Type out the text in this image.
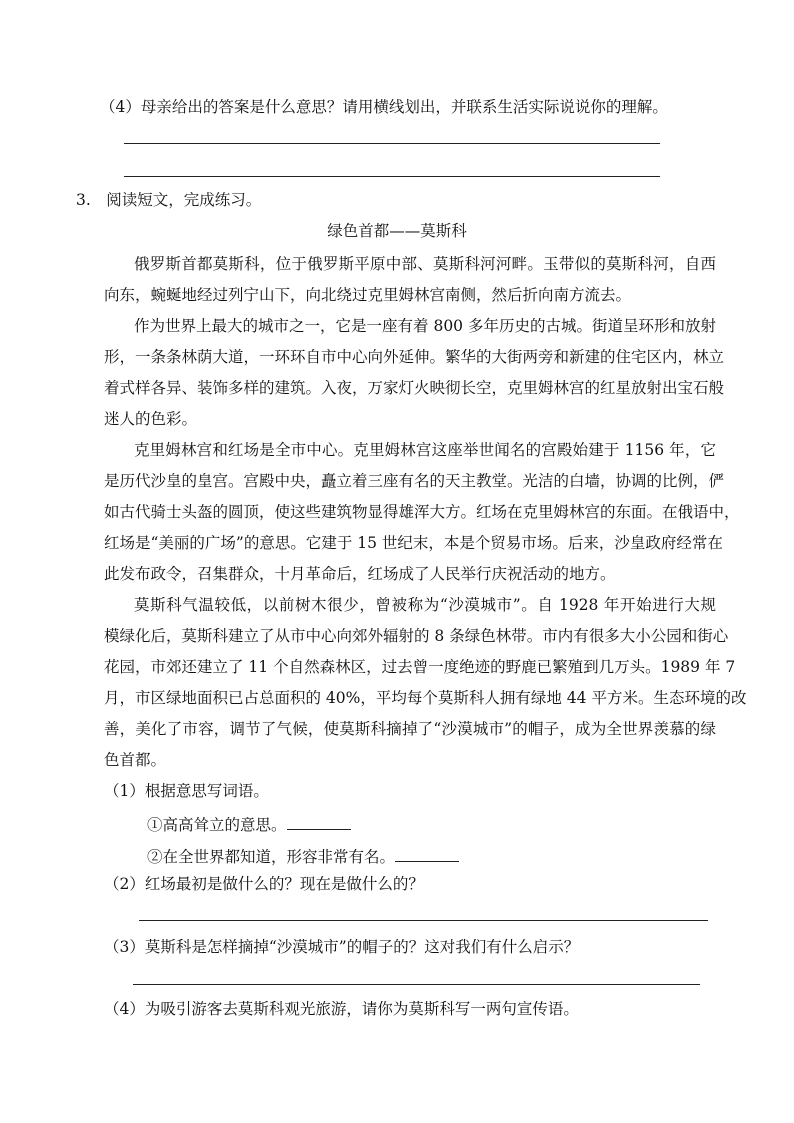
（4）母亲给出的答案是什么意思？请用横线划出，并联系生活实际说说你的理解。
3.　阅读短文，完成练习。
绿色首都——莫斯科
俄罗斯首都莫斯科，位于俄罗斯平原中部、莫斯科河河畔。玉带似的莫斯科河，自西
向东，蜿蜒地经过列宁山下，向北绕过克里姆林宫南侧，然后折向南方流去。
作为世界上最大的城市之一，它是一座有着 800 多年历史的古城。街道呈环形和放射
形，一条条林荫大道，一环环自市中心向外延伸。繁华的大街两旁和新建的住宅区内，林立
着式样各异、装饰多样的建筑。入夜，万家灯火映彻长空，克里姆林宫的红星放射出宝石般
迷人的色彩。
克里姆林宫和红场是全市中心。克里姆林宫这座举世闻名的宫殿始建于 1156 年，它
是历代沙皇的皇宫。宫殿中央，矗立着三座有名的天主教堂。光洁的白墙，协调的比例，俨
如古代骑士头盔的圆顶，使这些建筑物显得雄浑大方。红场在克里姆林宫的东面。在俄语中，
红场是“美丽的广场”的意思。它建于 15 世纪末，本是个贸易市场。后来，沙皇政府经常在
此发布政令，召集群众，十月革命后，红场成了人民举行庆祝活动的地方。
莫斯科气温较低，以前树木很少，曾被称为“沙漠城市”。自 1928 年开始进行大规
模绿化后，莫斯科建立了从市中心向郊外辐射的 8 条绿色林带。市内有很多大小公园和街心
花园，市郊还建立了 11 个自然森林区，过去曾一度绝迹的野鹿已繁殖到几万头。1989 年 7
月，市区绿地面积已占总面积的 40%，平均每个莫斯科人拥有绿地 44 平方米。生态环境的改
善，美化了市容，调节了气候，使莫斯科摘掉了“沙漠城市”的帽子，成为全世界羡慕的绿
色首都。
（1）根据意思写词语。
①高高耸立的意思。
②在全世界都知道，形容非常有名。
（2）红场最初是做什么的？现在是做什么的？
（3）莫斯科是怎样摘掉“沙漠城市”的帽子的？这对我们有什么启示？
（4）为吸引游客去莫斯科观光旅游，请你为莫斯科写一两句宣传语。
